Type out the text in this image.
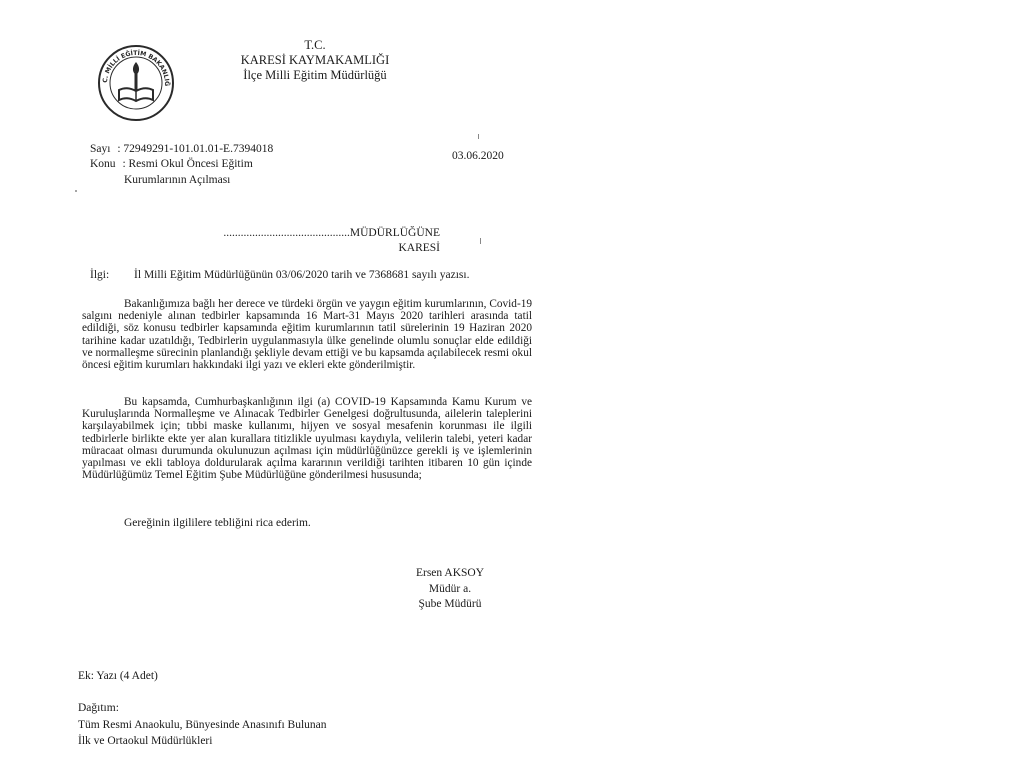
C. MİLLİ EĞİTİM BAKANLIĞ
T.C.
KARESİ KAYMAKAMLIĞI
İlçe Milli Eğitim Müdürlüğü
Sayı : 72949291-101.01.01-E.7394018
Konu : Resmi Okul Öncesi Eğitim
Kurumlarının Açılması
03.06.2020
............................................MÜDÜRLÜĞÜNE
KARESİ
İlgi: İl Milli Eğitim Müdürlüğünün 03/06/2020 tarih ve 7368681 sayılı yazısı.

Bakanlığımıza bağlı her derece ve türdeki örgün ve yaygın eğitim kurumlarının, Covid-19 salgını nedeniyle alınan tedbirler kapsamında 16 Mart-31 Mayıs 2020 tarihleri arasında tatil edildiği, söz konusu tedbirler kapsamında eğitim kurumlarının tatil sürelerinin 19 Haziran 2020 tarihine kadar uzatıldığı, Tedbirlerin uygulanmasıyla ülke genelinde olumlu sonuçlar elde edildiği ve normalleşme sürecinin planlandığı şekliyle devam ettiği ve bu kapsamda açılabilecek resmi okul öncesi eğitim kurumları hakkındaki ilgi yazı ve ekleri ekte gönderilmiştir.

Bu kapsamda, Cumhurbaşkanlığının ilgi (a) COVID-19 Kapsamında Kamu Kurum ve Kuruluşlarında Normalleşme ve Alınacak Tedbirler Genelgesi doğrultusunda, ailelerin taleplerini karşılayabilmek için; tıbbi maske kullanımı, hijyen ve sosyal mesafenin korunması ile ilgili tedbirlerle birlikte ekte yer alan kurallara titizlikle uyulması kaydıyla, velilerin talebi, yeteri kadar müracaat olması durumunda okulunuzun açılması için müdürlüğünüzce gerekli iş ve işlemlerinin yapılması ve ekli tabloya doldurularak açılma kararının verildiği tarihten itibaren 10 gün içinde Müdürlüğümüz Temel Eğitim Şube Müdürlüğüne gönderilmesi hususunda;

Gereğinin ilgililere tebliğini rica ederim.
Ersen AKSOY
Müdür a.
Şube Müdürü
Ek: Yazı (4 Adet)
Dağıtım:
Tüm Resmi Anaokulu, Bünyesinde Anasınıfı Bulunan
İlk ve Ortaokul Müdürlükleri
